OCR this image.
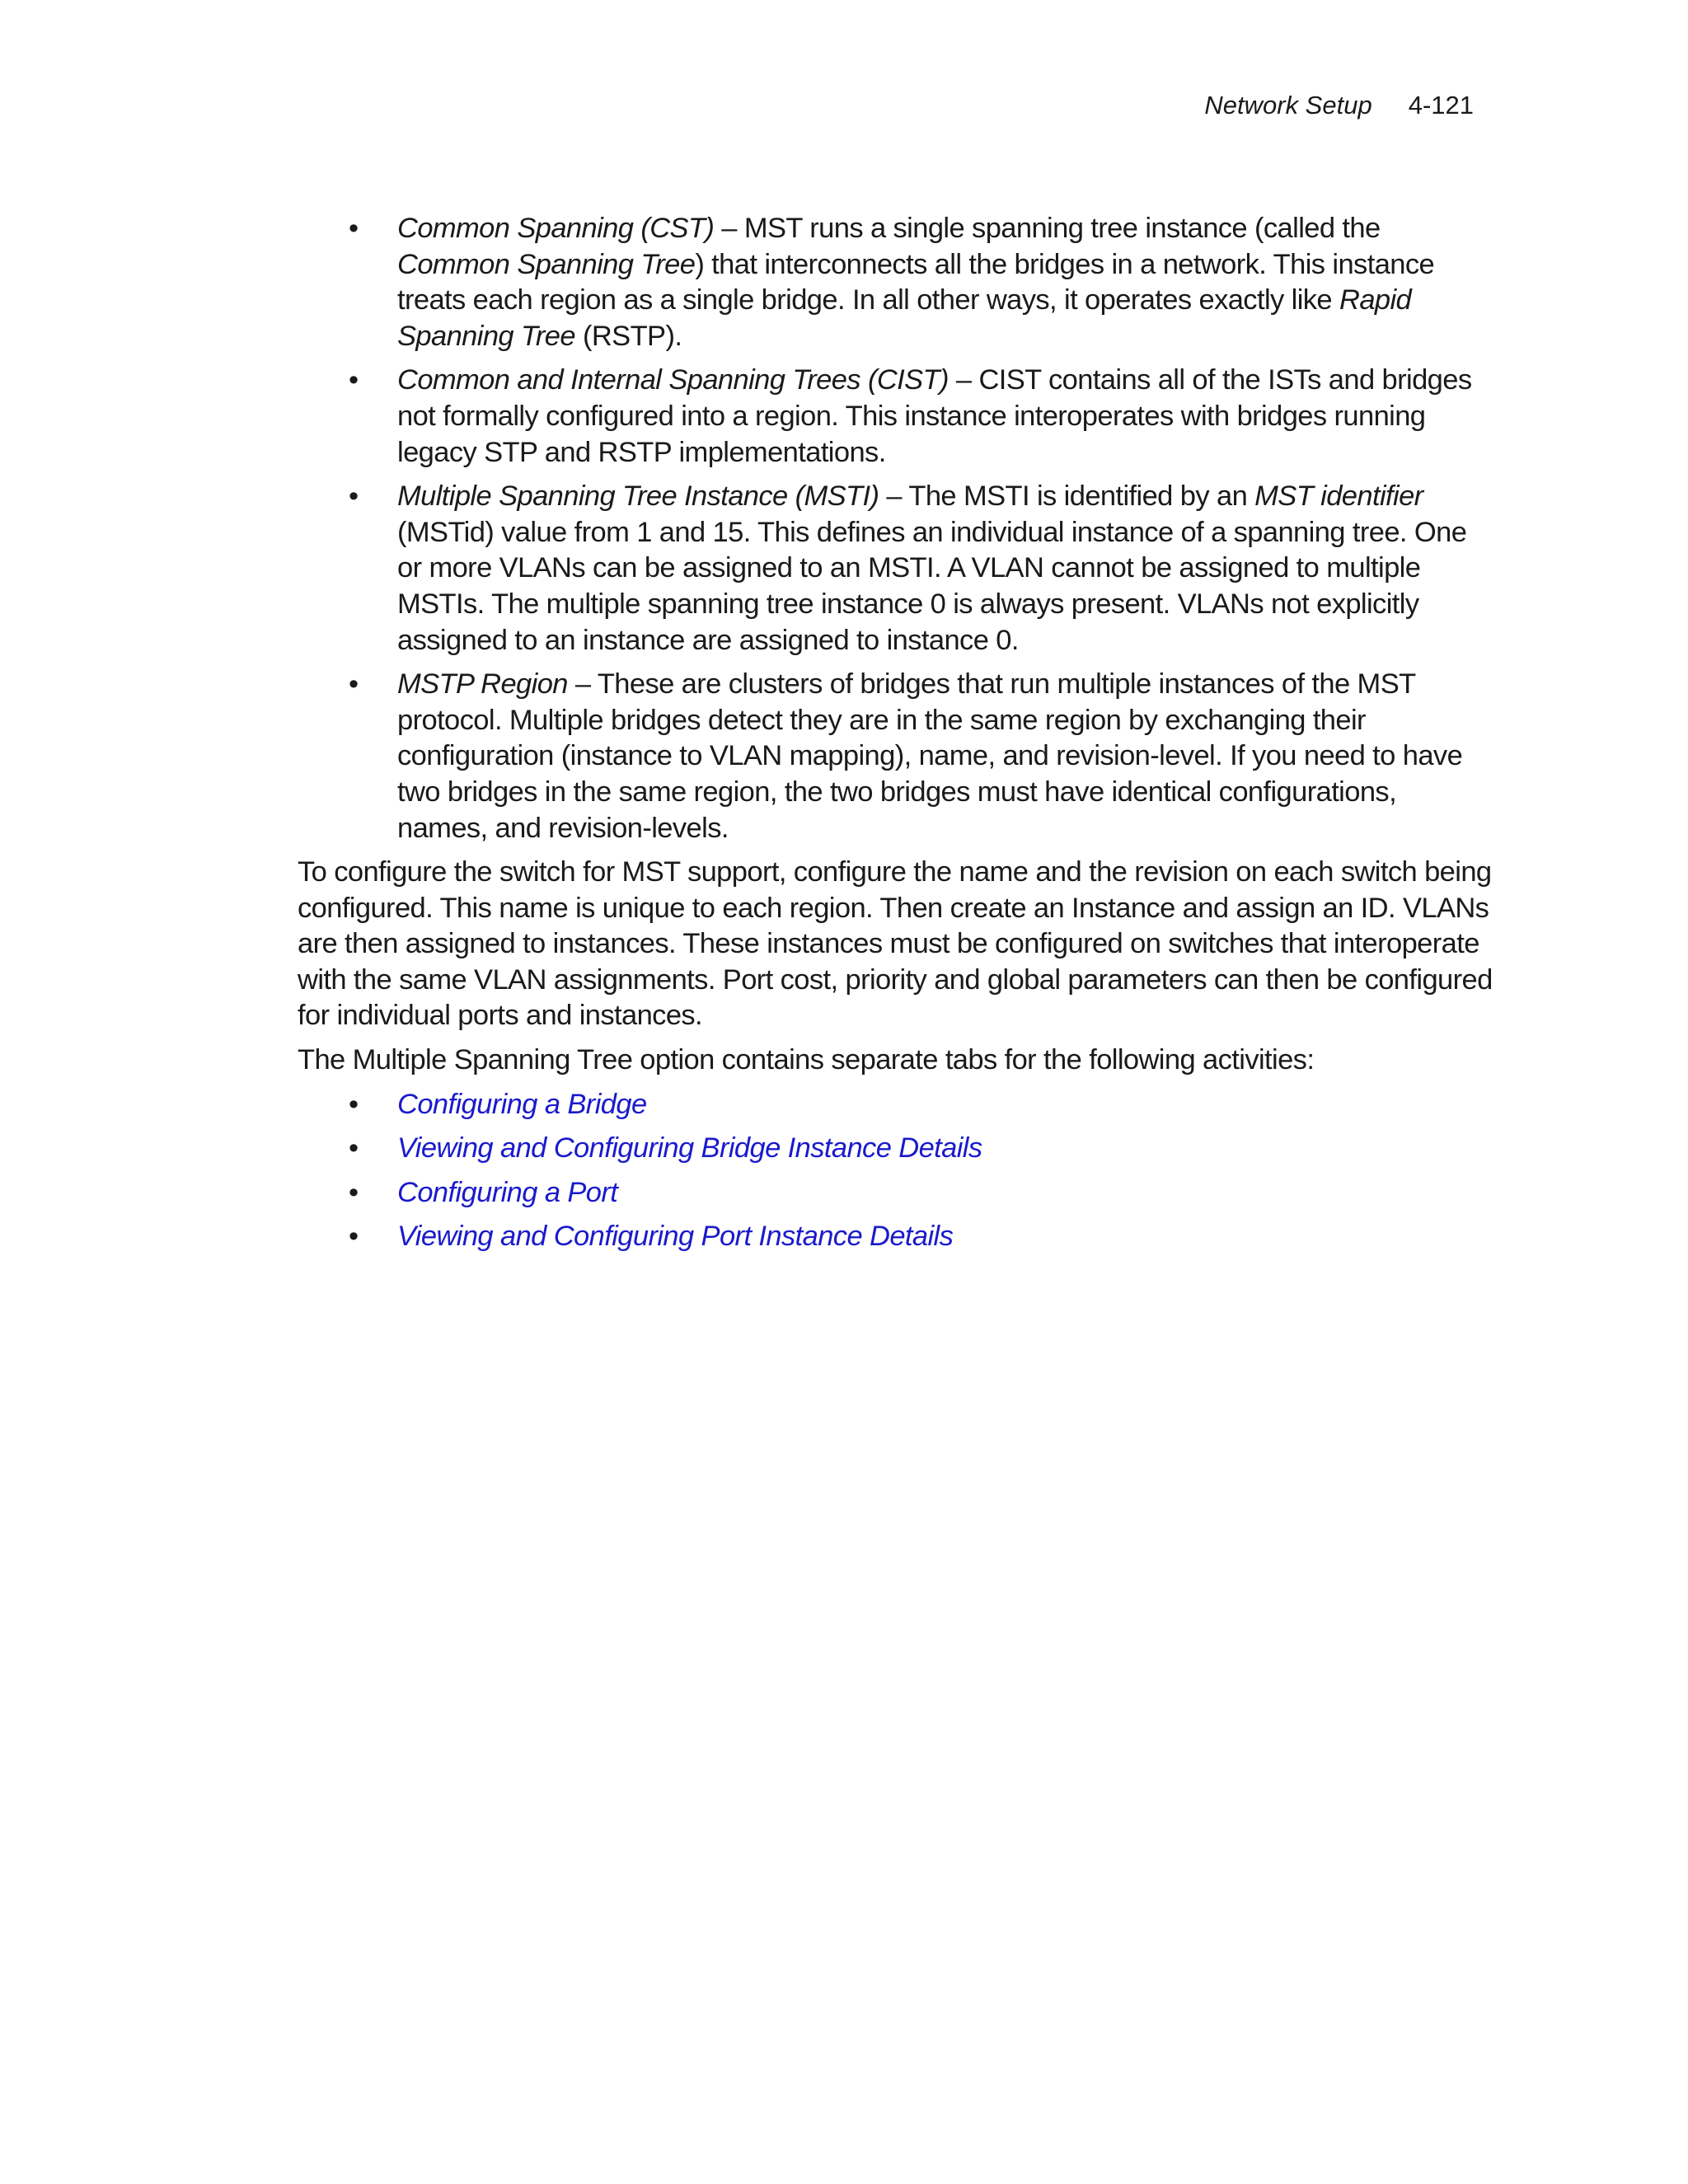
Network Setup 4-121
• Common Spanning (CST) – MST runs a single spanning tree instance (called the Common Spanning Tree) that interconnects all the bridges in a network. This instance treats each region as a single bridge. In all other ways, it operates exactly like Rapid Spanning Tree (RSTP).
• Common and Internal Spanning Trees (CIST) – CIST contains all of the ISTs and bridges not formally configured into a region. This instance interoperates with bridges running legacy STP and RSTP implementations.
• Multiple Spanning Tree Instance (MSTI) – The MSTI is identified by an MST identifier (MSTid) value from 1 and 15. This defines an individual instance of a spanning tree. One or more VLANs can be assigned to an MSTI. A VLAN cannot be assigned to multiple MSTIs. The multiple spanning tree instance 0 is always present. VLANs not explicitly assigned to an instance are assigned to instance 0.
• MSTP Region – These are clusters of bridges that run multiple instances of the MST protocol. Multiple bridges detect they are in the same region by exchanging their configuration (instance to VLAN mapping), name, and revision-level. If you need to have two bridges in the same region, the two bridges must have identical configurations, names, and revision-levels.

To configure the switch for MST support, configure the name and the revision on each switch being configured. This name is unique to each region. Then create an Instance and assign an ID. VLANs are then assigned to instances. These instances must be configured on switches that interoperate with the same VLAN assignments. Port cost, priority and global parameters can then be configured for individual ports and instances.

The Multiple Spanning Tree option contains separate tabs for the following activities:

• Configuring a Bridge
• Viewing and Configuring Bridge Instance Details
• Configuring a Port
• Viewing and Configuring Port Instance Details
